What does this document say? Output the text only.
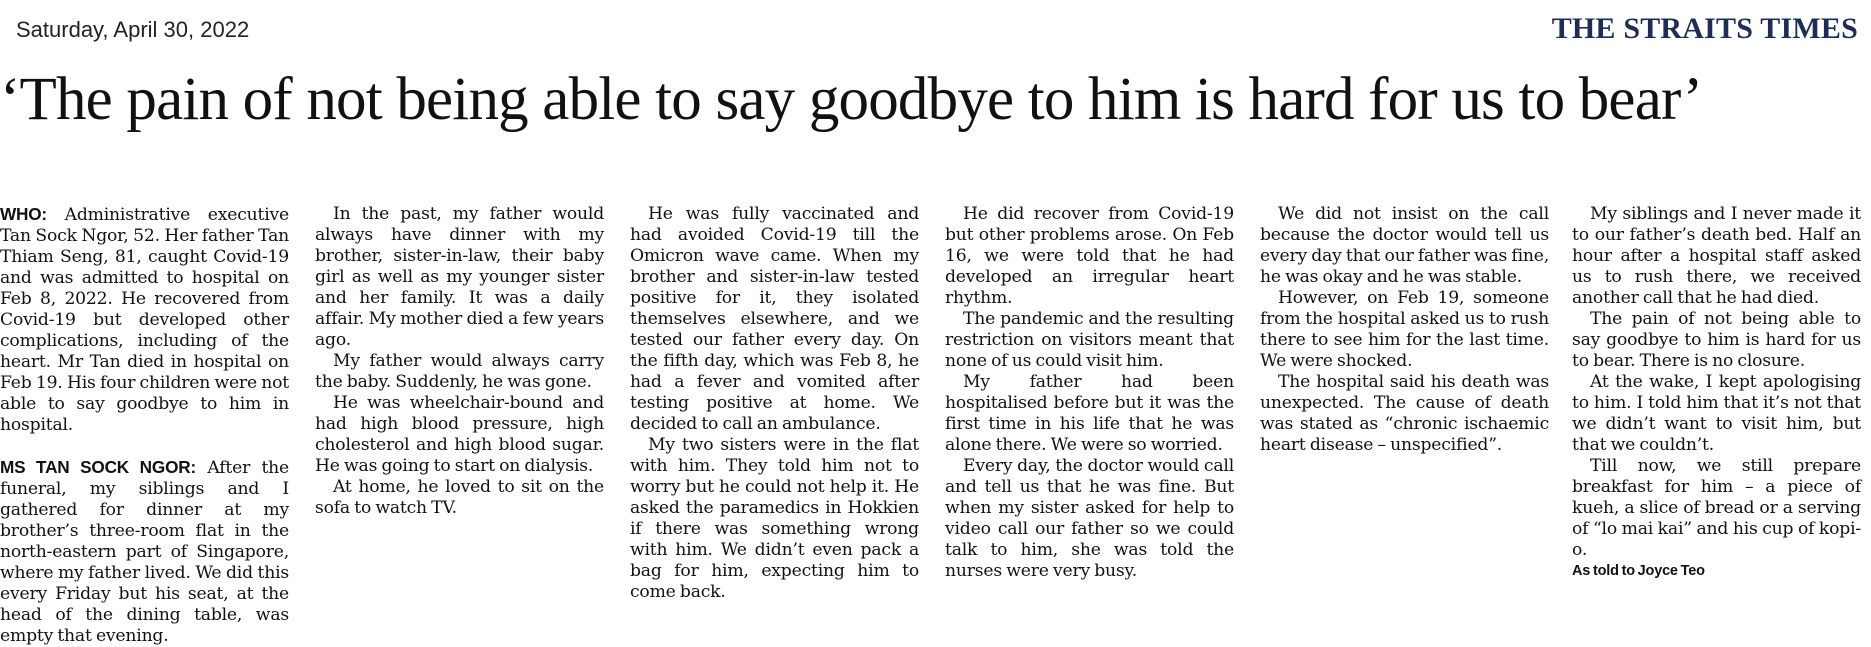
Saturday, April 30, 2022	THE STRAITS TIMES
‘The pain of not being able to say goodbye to him is hard for us to bear’

WHO: Administrative executive Tan Sock Ngor, 52. Her father Tan Thiam Seng, 81, caught Covid-19 and was admitted to hospital on Feb 8, 2022. He recovered from Covid-19 but developed other complications, including of the heart. Mr Tan died in hospital on Feb 19. His four children were not able to say goodbye to him in hospital.

MS TAN SOCK NGOR: After the funeral, my siblings and I gathered for dinner at my brother’s three-room flat in the north-eastern part of Singapore, where my father lived. We did this every Friday but his seat, at the head of the dining table, was empty that evening.

In the past, my father would always have dinner with my brother, sister-in-law, their baby girl as well as my younger sister and her family. It was a daily affair. My mother died a few years ago.

My father would always carry the baby. Suddenly, he was gone.

He was wheelchair-bound and had high blood pressure, high cholesterol and high blood sugar. He was going to start on dialysis.

At home, he loved to sit on the sofa to watch TV.

He was fully vaccinated and had avoided Covid-19 till the Omicron wave came. When my brother and sister-in-law tested positive for it, they isolated themselves elsewhere, and we tested our father every day. On the fifth day, which was Feb 8, he had a fever and vomited after testing positive at home. We decided to call an ambulance.

My two sisters were in the flat with him. They told him not to worry but he could not help it. He asked the paramedics in Hokkien if there was something wrong with him. We didn’t even pack a bag for him, expecting him to come back.

He did recover from Covid-19 but other problems arose. On Feb 16, we were told that he had developed an irregular heart rhythm.

The pandemic and the resulting restriction on visitors meant that none of us could visit him.

My father had been hospitalised before but it was the first time in his life that he was alone there. We were so worried.

Every day, the doctor would call and tell us that he was fine. But when my sister asked for help to video call our father so we could talk to him, she was told the nurses were very busy.

We did not insist on the call because the doctor would tell us every day that our father was fine, he was okay and he was stable.

However, on Feb 19, someone from the hospital asked us to rush there to see him for the last time. We were shocked.

The hospital said his death was unexpected. The cause of death was stated as “chronic ischaemic heart disease – unspecified”.

My siblings and I never made it to our father’s death bed. Half an hour after a hospital staff asked us to rush there, we received another call that he had died.

The pain of not being able to say goodbye to him is hard for us to bear. There is no closure.

At the wake, I kept apologising to him. I told him that it’s not that we didn’t want to visit him, but that we couldn’t.

Till now, we still prepare breakfast for him – a piece of kueh, a slice of bread or a serving of “lo mai kai” and his cup of kopi-o.

As told to Joyce Teo
